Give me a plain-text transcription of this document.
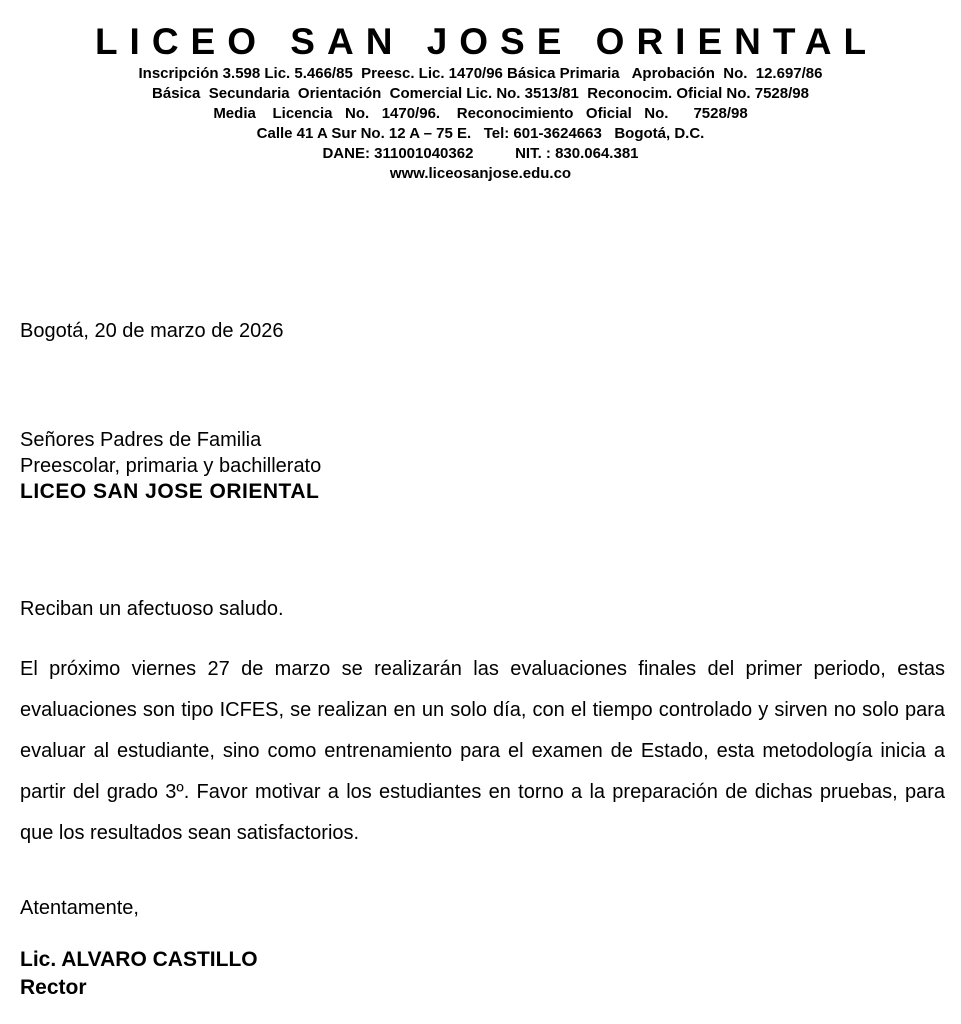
LICEO SAN JOSE ORIENTAL

Inscripción 3.598 Lic. 5.466/85  Preesc. Lic. 1470/96 Básica Primaria   Aprobación  No.  12.697/86

Básica  Secundaria  Orientación  Comercial Lic. No. 3513/81  Reconocim. Oficial No. 7528/98

Media    Licencia   No.   1470/96.    Reconocimiento   Oficial   No.      7528/98

Calle 41 A Sur No. 12 A – 75 E.   Tel: 601-3624663   Bogotá, D.C.

DANE: 311001040362          NIT. : 830.064.381

www.liceosanjose.edu.co

Bogotá, 20 de marzo de 2026

Señores Padres de Familia

Preescolar, primaria y bachillerato

LICEO SAN JOSE ORIENTAL

Reciban un afectuoso saludo.
El próximo viernes 27 de marzo se realizarán las evaluaciones finales del primer periodo, estas evaluaciones son tipo ICFES, se realizan en un solo día, con el tiempo controlado y sirven no solo para evaluar al estudiante, sino como entrenamiento para el examen de Estado, esta metodología inicia a partir del grado 3º. Favor motivar a los estudiantes en torno a la preparación de dichas pruebas, para que los resultados sean satisfactorios.
Atentamente,

Lic. ALVARO CASTILLO

Rector
